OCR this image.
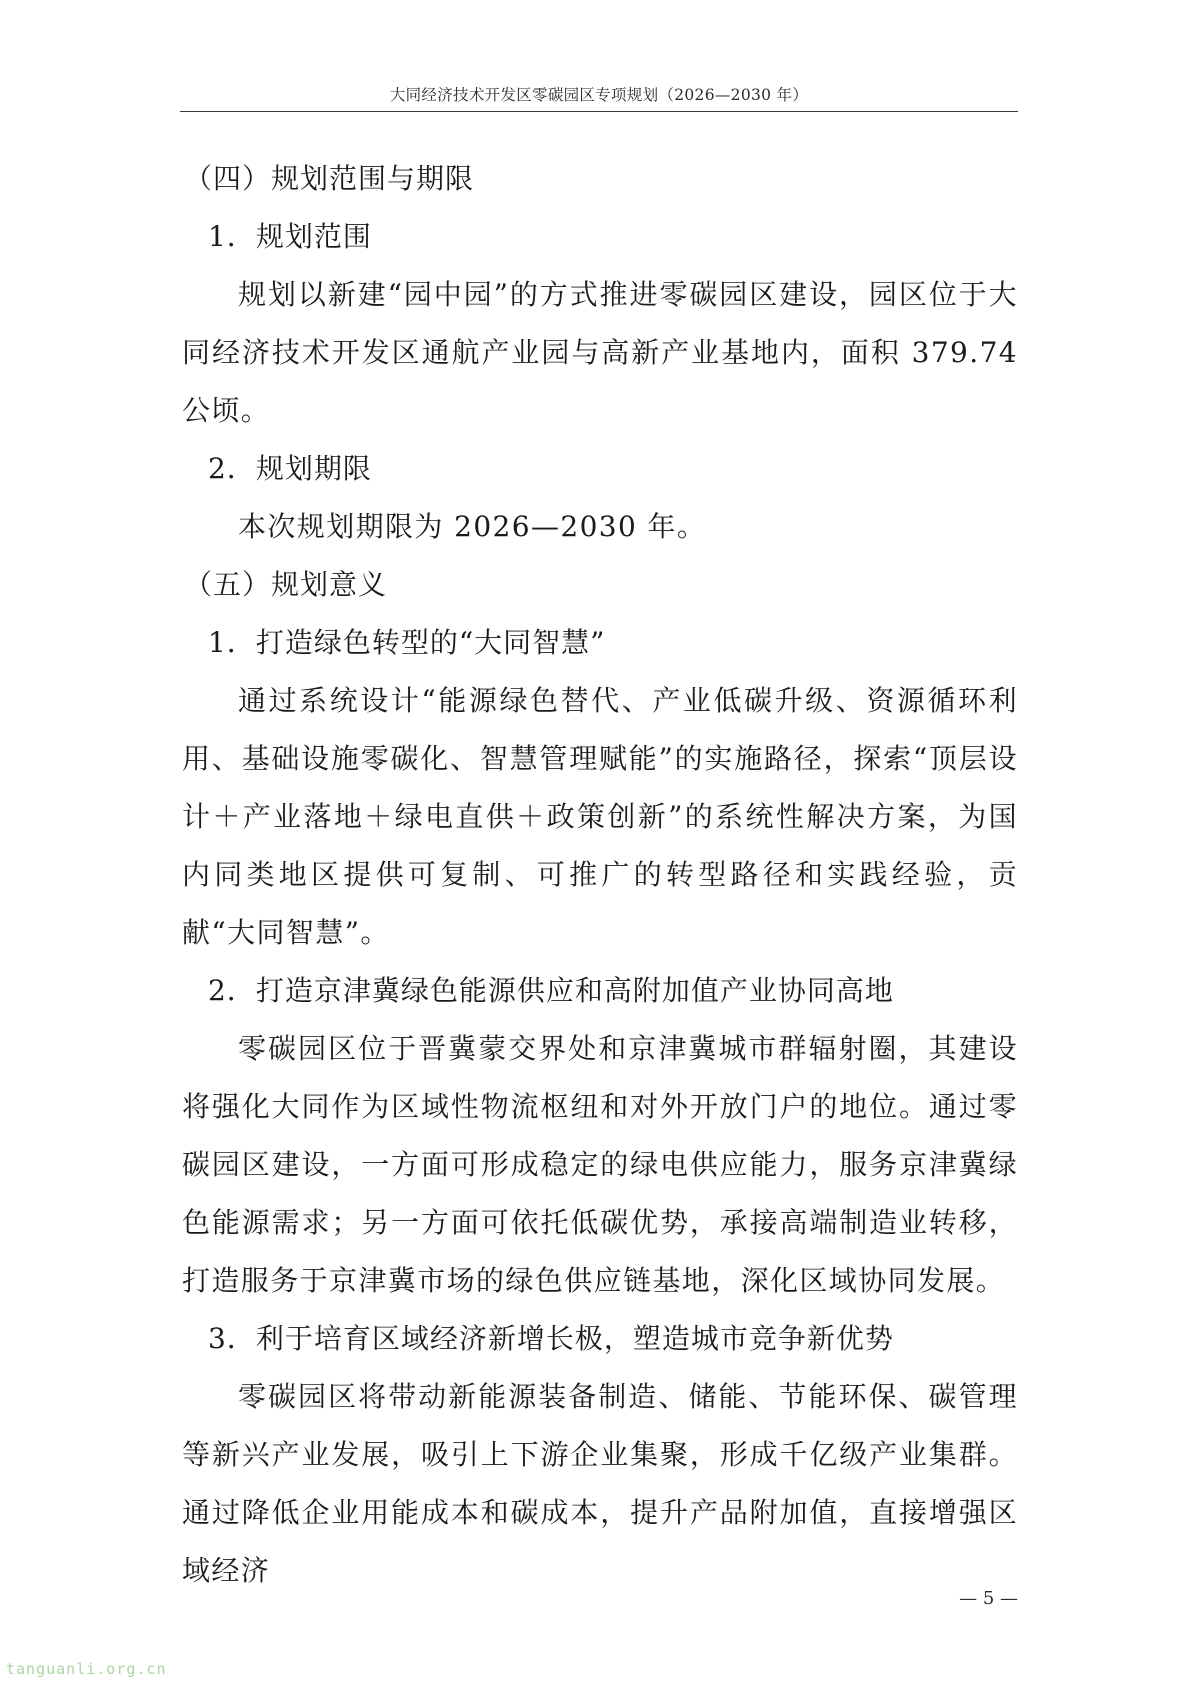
大同经济技术开发区零碳园区专项规划（2026—2030 年）

（四）规划范围与期限

1．规划范围

规划以新建“园中园”的方式推进零碳园区建设，园区位于大同经济技术开发区通航产业园与高新产业基地内，面积 379.74 公顷。

2．规划期限

本次规划期限为 2026—2030 年。

（五）规划意义

1．打造绿色转型的“大同智慧”

通过系统设计“能源绿色替代、产业低碳升级、资源循环利用、基础设施零碳化、智慧管理赋能”的实施路径，探索“顶层设计＋产业落地＋绿电直供＋政策创新”的系统性解决方案，为国内同类地区提供可复制、可推广的转型路径和实践经验，贡献“大同智慧”。

2．打造京津冀绿色能源供应和高附加值产业协同高地

零碳园区位于晋冀蒙交界处和京津冀城市群辐射圈，其建设将强化大同作为区域性物流枢纽和对外开放门户的地位。通过零碳园区建设，一方面可形成稳定的绿电供应能力，服务京津冀绿色能源需求；另一方面可依托低碳优势，承接高端制造业转移，打造服务于京津冀市场的绿色供应链基地，深化区域协同发展。

3．利于培育区域经济新增长极，塑造城市竞争新优势

零碳园区将带动新能源装备制造、储能、节能环保、碳管理等新兴产业发展，吸引上下游企业集聚，形成千亿级产业集群。通过降低企业用能成本和碳成本，提升产品附加值，直接增强区域经济

— 5 —
tanguanli.org.cn
